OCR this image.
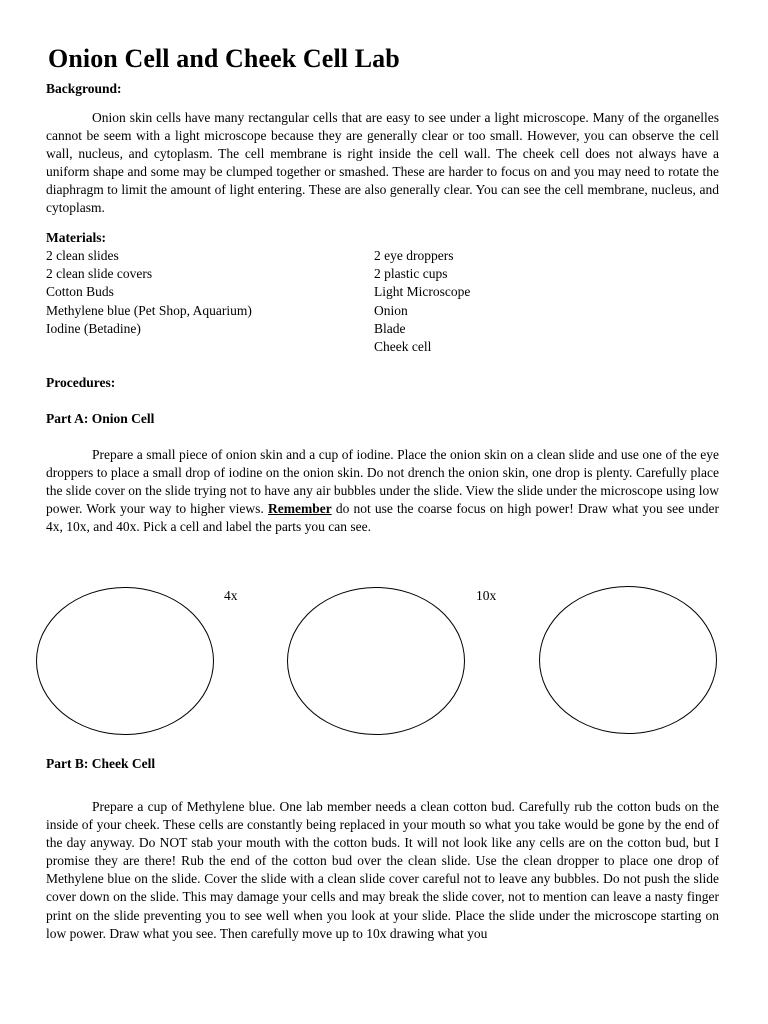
Onion Cell and Cheek Cell Lab
Background:

Onion skin cells have many rectangular cells that are easy to see under a light microscope. Many of the organelles cannot be seem with a light microscope because they are generally clear or too small. However, you can observe the cell wall, nucleus, and cytoplasm. The cell membrane is right inside the cell wall. The cheek cell does not always have a uniform shape and some may be clumped together or smashed. These are harder to focus on and you may need to rotate the diaphragm to limit the amount of light entering. These are also generally clear. You can see the cell membrane, nucleus, and cytoplasm.

Materials:
2 clean slides
2 clean slide covers
Cotton Buds
Methylene blue (Pet Shop, Aquarium)
Iodine (Betadine)
2 eye droppers
2 plastic cups
Light Microscope
Onion
Blade
Cheek cell
Procedures:
Part A: Onion Cell

Prepare a small piece of onion skin and a cup of iodine. Place the onion skin on a clean slide and use one of the eye droppers to place a small drop of iodine on the onion skin. Do not drench the onion skin, one drop is plenty. Carefully place the slide cover on the slide trying not to have any air bubbles under the slide. View the slide under the microscope using low power. Work your way to higher views. Remember do not use the coarse focus on high power! Draw what you see under 4x, 10x, and 40x. Pick a cell and label the parts you can see.

4x	10x
Part B: Cheek Cell

Prepare a cup of Methylene blue. One lab member needs a clean cotton bud. Carefully rub the cotton buds on the inside of your cheek. These cells are constantly being replaced in your mouth so what you take would be gone by the end of the day anyway. Do NOT stab your mouth with the cotton buds. It will not look like any cells are on the cotton bud, but I promise they are there! Rub the end of the cotton bud over the clean slide. Use the clean dropper to place one drop of Methylene blue on the slide. Cover the slide with a clean slide cover careful not to leave any bubbles. Do not push the slide cover down on the slide. This may damage your cells and may break the slide cover, not to mention can leave a nasty finger print on the slide preventing you to see well when you look at your slide. Place the slide under the microscope starting on low power. Draw what you see. Then carefully move up to 10x drawing what you
